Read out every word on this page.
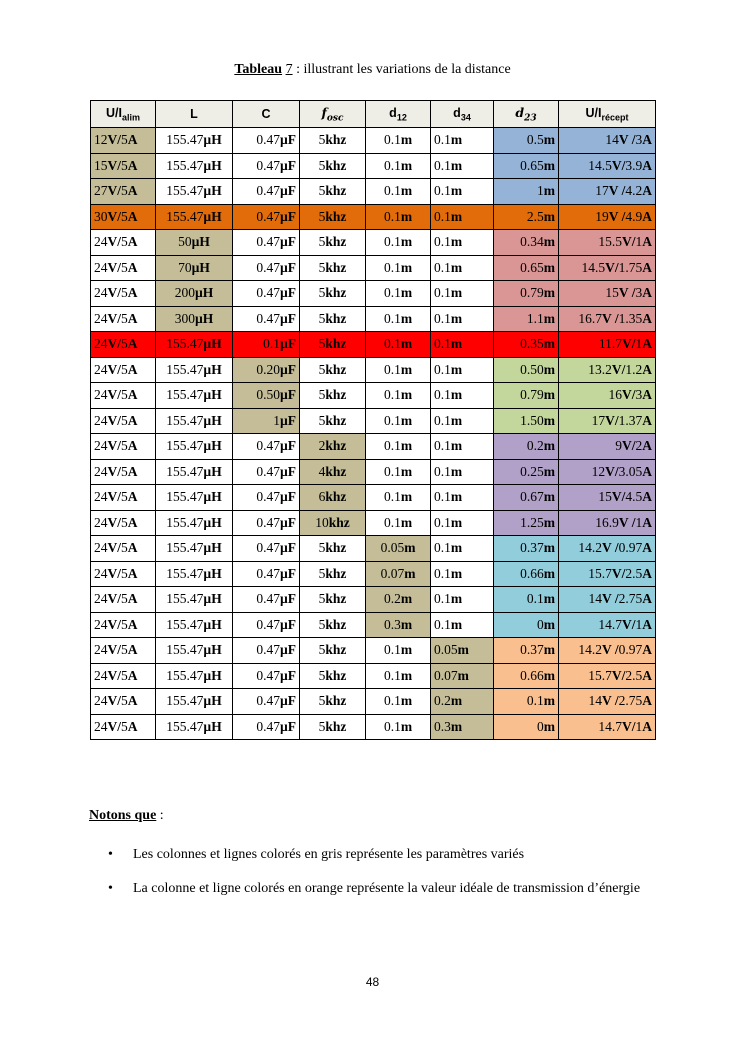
Tableau 7 : illustrant les variations de la distance
$U/I_{alim}$	L	C	$f_{osc}$	$d_{12}$	$d_{34}$	$d_{23}$	$U/I_{récept}$
12V/5A	155.47µH	0.47µF	5khz	0.1m	0.1m	0.5m	14V /3A
15V/5A	155.47µH	0.47µF	5khz	0.1m	0.1m	0.65m	14.5V/3.9A
27V/5A	155.47µH	0.47µF	5khz	0.1m	0.1m	1m	17V /4.2A
30V/5A	155.47µH	0.47µF	5khz	0.1m	0.1m	2.5m	19V /4.9A
24V/5A	50µH	0.47µF	5khz	0.1m	0.1m	0.34m	15.5V/1A
24V/5A	70µH	0.47µF	5khz	0.1m	0.1m	0.65m	14.5V/1.75A
24V/5A	200µH	0.47µF	5khz	0.1m	0.1m	0.79m	15V /3A
24V/5A	300µH	0.47µF	5khz	0.1m	0.1m	1.1m	16.7V /1.35A
24V/5A	155.47µH	0.1µF	5khz	0.1m	0.1m	0.35m	11.7V/1A
24V/5A	155.47µH	0.20µF	5khz	0.1m	0.1m	0.50m	13.2V/1.2A
24V/5A	155.47µH	0.50µF	5khz	0.1m	0.1m	0.79m	16V/3A
24V/5A	155.47µH	1µF	5khz	0.1m	0.1m	1.50m	17V/1.37A
24V/5A	155.47µH	0.47µF	2khz	0.1m	0.1m	0.2m	9V/2A
24V/5A	155.47µH	0.47µF	4khz	0.1m	0.1m	0.25m	12V/3.05A
24V/5A	155.47µH	0.47µF	6khz	0.1m	0.1m	0.67m	15V/4.5A
24V/5A	155.47µH	0.47µF	10khz	0.1m	0.1m	1.25m	16.9V /1A
24V/5A	155.47µH	0.47µF	5khz	0.05m	0.1m	0.37m	14.2V /0.97A
24V/5A	155.47µH	0.47µF	5khz	0.07m	0.1m	0.66m	15.7V/2.5A
24V/5A	155.47µH	0.47µF	5khz	0.2m	0.1m	0.1m	14V /2.75A
24V/5A	155.47µH	0.47µF	5khz	0.3m	0.1m	0m	14.7V/1A
24V/5A	155.47µH	0.47µF	5khz	0.1m	0.05m	0.37m	14.2V /0.97A
24V/5A	155.47µH	0.47µF	5khz	0.1m	0.07m	0.66m	15.7V/2.5A
24V/5A	155.47µH	0.47µF	5khz	0.1m	0.2m	0.1m	14V /2.75A
24V/5A	155.47µH	0.47µF	5khz	0.1m	0.3m	0m	14.7V/1A
Notons que :
• Les colonnes et lignes colorés en gris représente les paramètres variés
• La colonne et ligne colorés en orange représente la valeur idéale de transmission d’énergie
48
